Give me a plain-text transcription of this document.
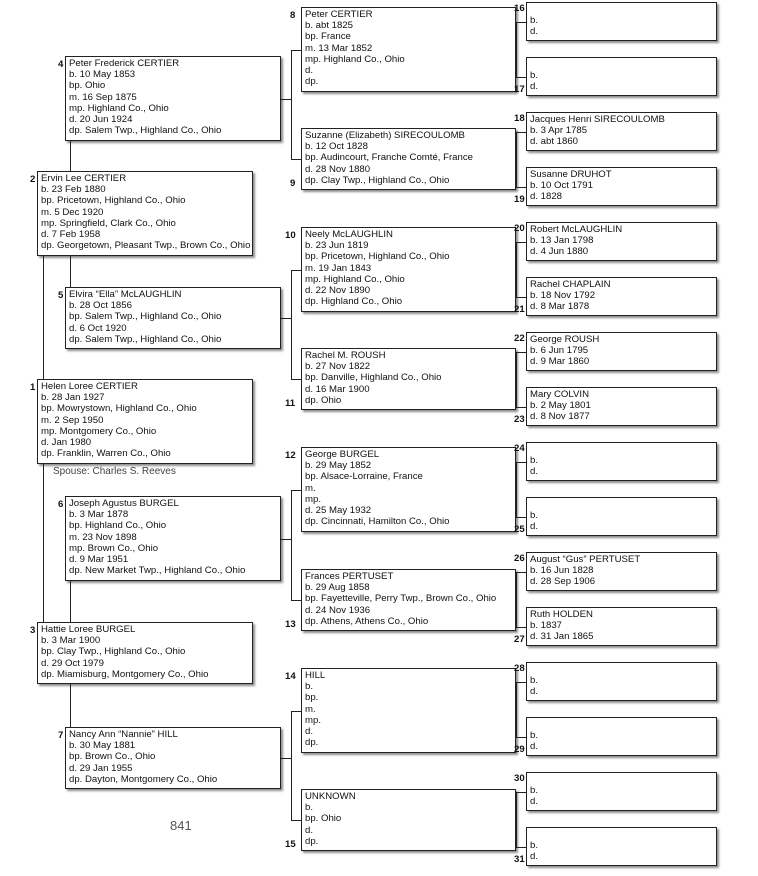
Helen Loree CERTIER
b. 28 Jan 1927
bp. Mowrystown, Highland Co., Ohio
m. 2 Sep 1950
mp. Montgomery Co., Ohio
d. Jan 1980
dp. Franklin, Warren Co., Ohio
1
Ervin Lee CERTIER
b. 23 Feb 1880
bp. Pricetown, Highland Co., Ohio
m. 5 Dec 1920
mp. Springfield, Clark Co., Ohio
d. 7 Feb 1958
dp. Georgetown, Pleasant Twp., Brown Co., Ohio
2
Hattie Loree BURGEL
b. 3 Mar 1900
bp. Clay Twp., Highland Co., Ohio
d. 29 Oct 1979
dp. Miamisburg, Montgomery Co., Ohio
3
Peter Frederick CERTIER
b. 10 May 1853
bp. Ohio
m. 16 Sep 1875
mp. Highland Co., Ohio
d. 20 Jun 1924
dp. Salem Twp., Highland Co., Ohio
4
Elvira “Ella” McLAUGHLIN
b. 28 Oct 1856
bp. Salem Twp., Highland Co., Ohio
d. 6 Oct 1920
dp. Salem Twp., Highland Co., Ohio
5
Joseph Agustus BURGEL
b. 3 Mar 1878
bp. Highland Co., Ohio
m. 23 Nov 1898
mp. Brown Co., Ohio
d. 9 Mar 1951
dp. New Market Twp., Highland Co., Ohio
6
Nancy Ann “Nannie” HILL
b. 30 May 1881
bp. Brown Co., Ohio
d. 29 Jan 1955
dp. Dayton, Montgomery Co., Ohio
7
Peter CERTIER
b. abt 1825
bp. France
m. 13 Mar 1852
mp. Highland Co., Ohio
d.
dp.
8
Suzanne (Elizabeth) SIRECOULOMB
b. 12 Oct 1828
bp. Audincourt, Franche Comté, France
d. 28 Nov 1880
dp. Clay Twp., Highland Co., Ohio
9
Neely McLAUGHLIN
b. 23 Jun 1819
bp. Pricetown, Highland Co., Ohio
m. 19 Jan 1843
mp. Highland Co., Ohio
d. 22 Nov 1890
dp. Highland Co., Ohio
10
Rachel M. ROUSH
b. 27 Nov 1822
bp. Danville, Highland Co., Ohio
d. 16 Mar 1900
dp. Ohio
11
George BURGEL
b. 29 May 1852
bp. Alsace-Lorraine, France
m.
mp.
d. 25 May 1932
dp. Cincinnati, Hamilton Co., Ohio
12
Frances PERTUSET
b. 29 Aug 1858
bp. Fayetteville, Perry Twp., Brown Co., Ohio
d. 24 Nov 1936
dp. Athens, Athens Co., Ohio
13
HILL
b.
bp.
m.
mp.
d.
dp.
14
UNKNOWN
b.
bp. Ohio
d.
dp.
15

b.
d.
16

b.
d.
17
Jacques Henri SIRECOULOMB
b. 3 Apr 1785
d. abt 1860
18
Susanne DRUHOT
b. 10 Oct 1791
d. 1828
19
Robert McLAUGHLIN
b. 13 Jan 1798
d. 4 Jun 1880
20
Rachel CHAPLAIN
b. 18 Nov 1792
d. 8 Mar 1878
21
George ROUSH
b. 6 Jun 1795
d. 9 Mar 1860
22
Mary COLVIN
b. 2 May 1801
d. 8 Nov 1877
23

b.
d.
24

b.
d.
25
August “Gus” PERTUSET
b. 16 Jun 1828
d. 28 Sep 1906
26
Ruth HOLDEN
b. 1837
d. 31 Jan 1865
27

b.
d.
28

b.
d.
29

b.
d.
30

b.
d.
31
Spouse: Charles S. Reeves
841
